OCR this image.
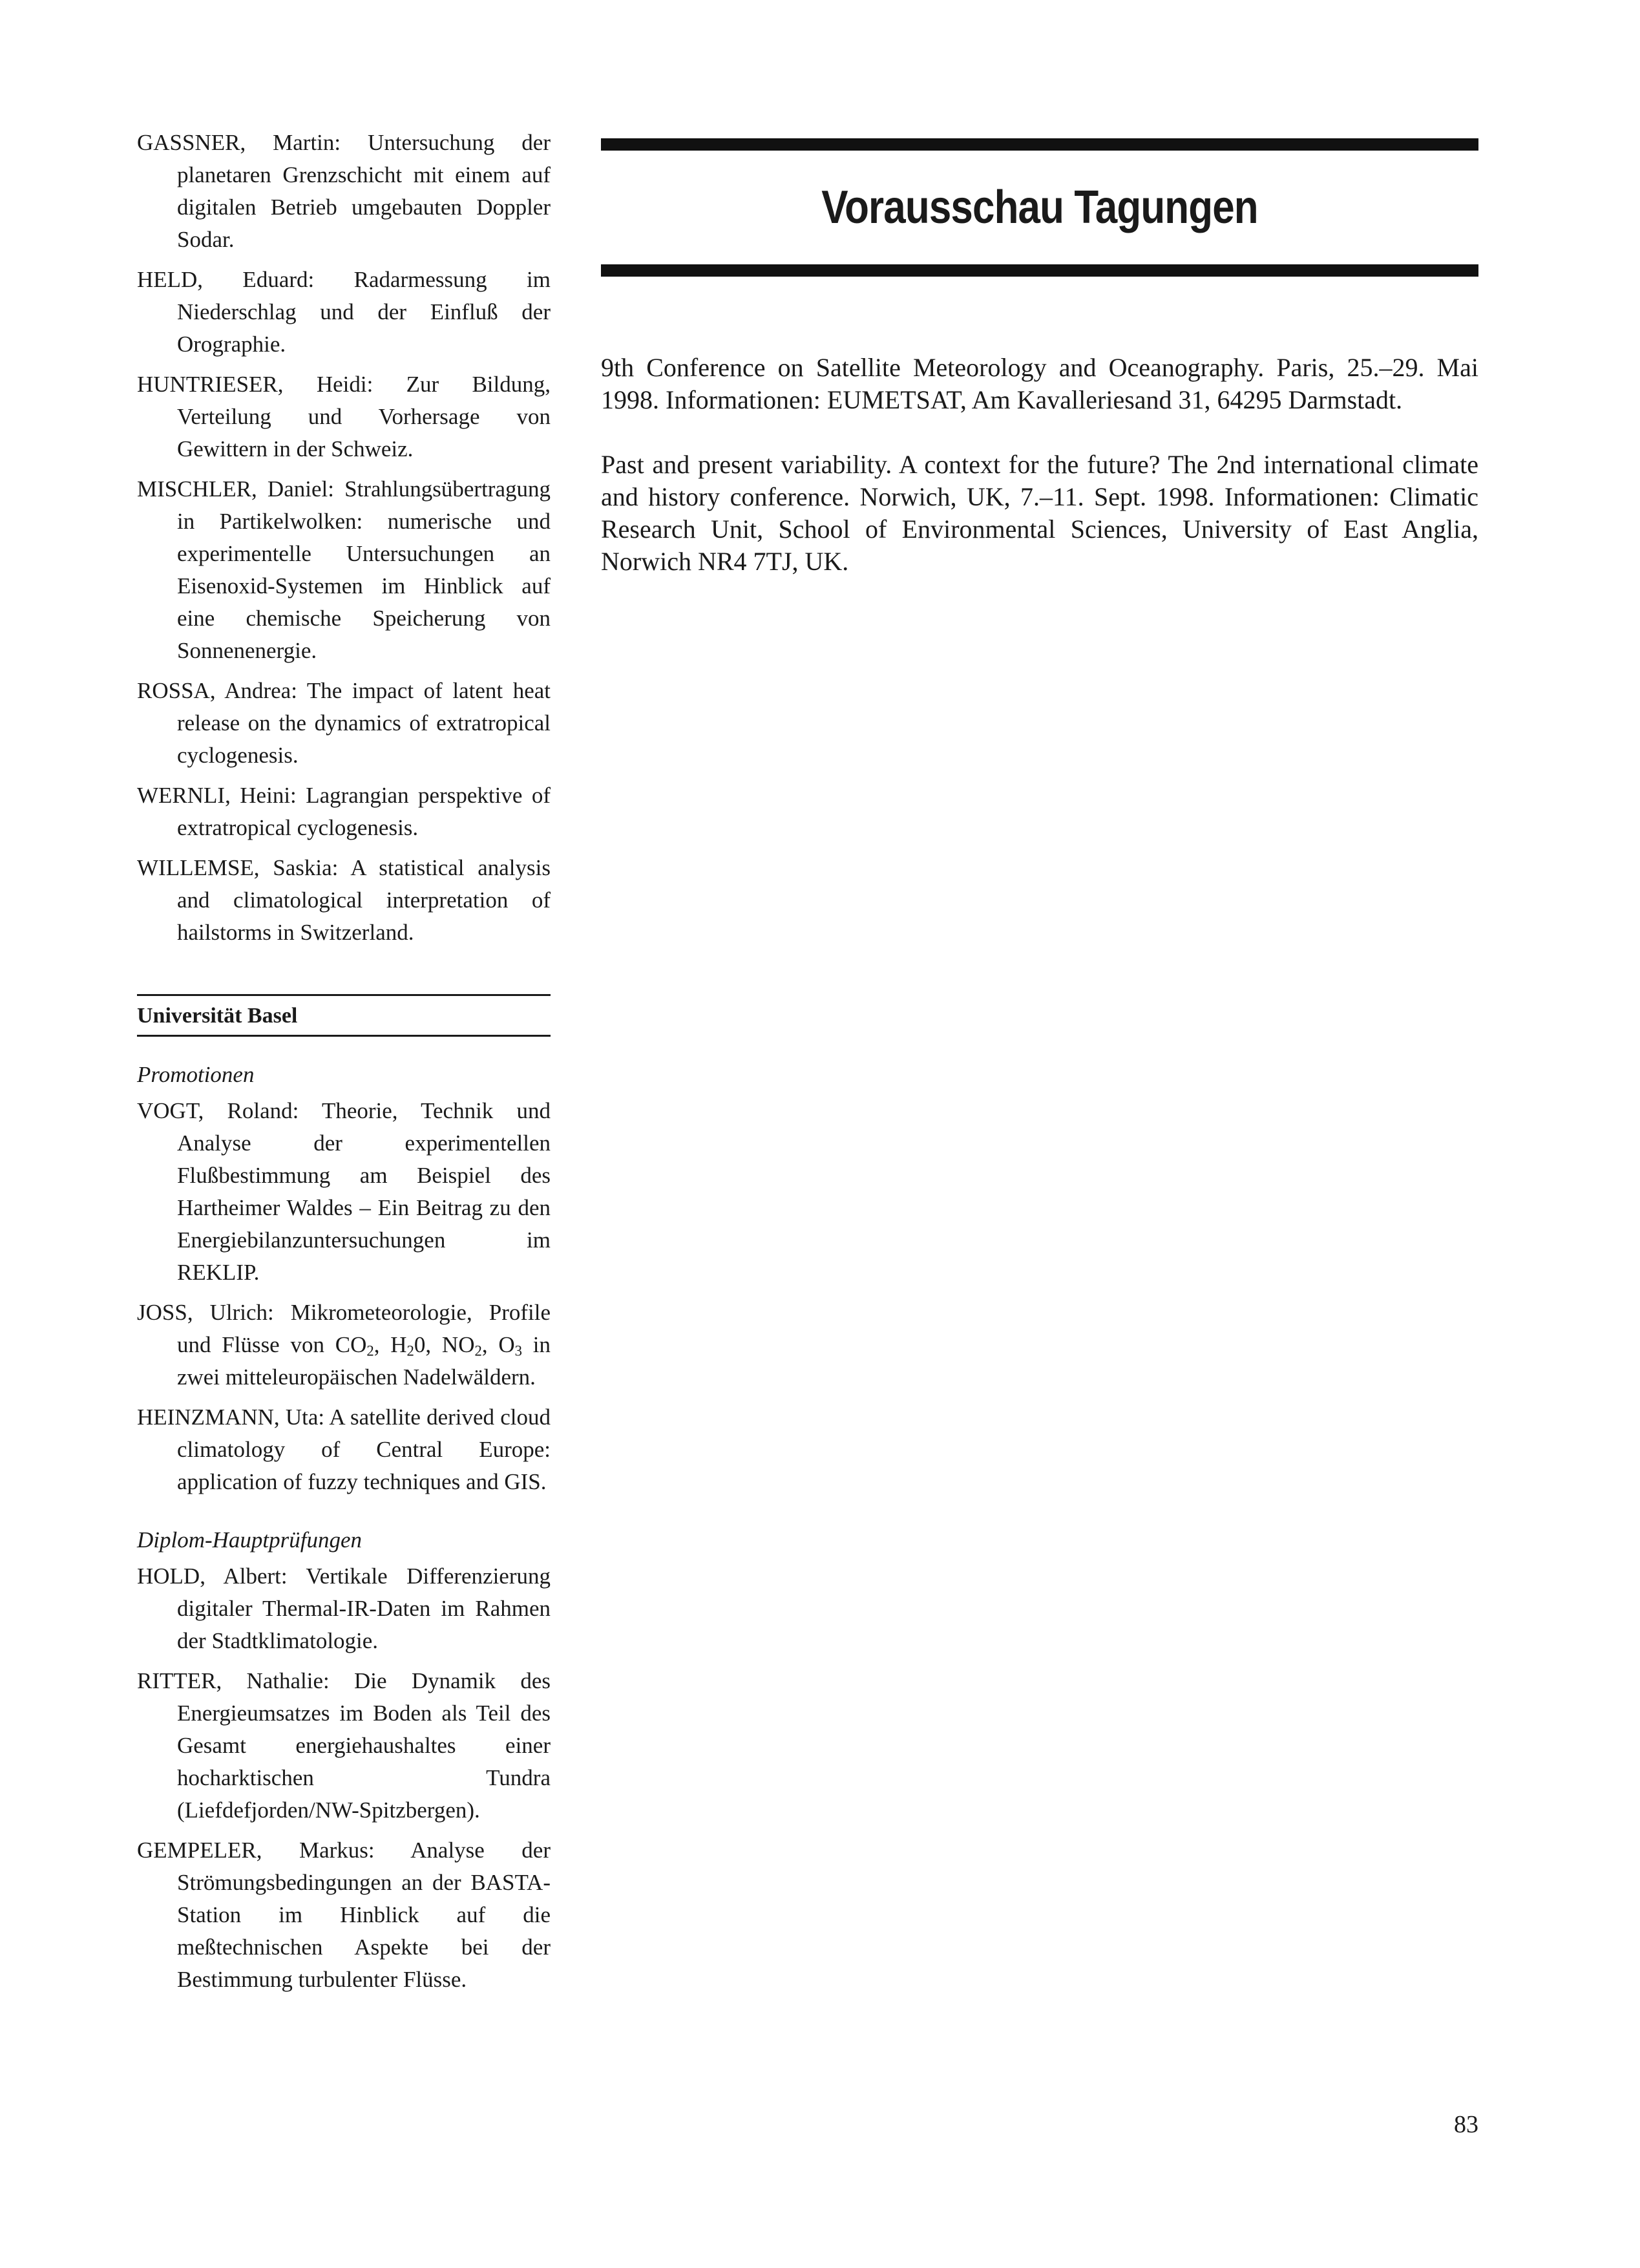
GASSNER, Martin: Untersuchung der planetaren Grenzschicht mit einem auf digitalen Betrieb umgebauten Doppler Sodar.

HELD, Eduard: Radarmessung im Niederschlag und der Einfluß der Orographie.

HUNTRIESER, Heidi: Zur Bildung, Verteilung und Vorhersage von Gewittern in der Schweiz.

MISCHLER, Daniel: Strahlungsübertragung in Partikelwolken: numerische und experimentelle Untersuchungen an Eisenoxid-Systemen im Hinblick auf eine chemische Speicherung von Sonnenenergie.

ROSSA, Andrea: The impact of latent heat release on the dynamics of extratropical cyclogenesis.

WERNLI, Heini: Lagrangian perspektive of extratropical cyclogenesis.

WILLEMSE, Saskia: A statistical analysis and climatological interpretation of hailstorms in Switzerland.

Universität Basel

Promotionen

VOGT, Roland: Theorie, Technik und Analyse der experimentellen Flußbestimmung am Beispiel des Hartheimer Waldes – Ein Beitrag zu den Energiebilanzuntersuchungen im REKLIP.

JOSS, Ulrich: Mikrometeorologie, Profile und Flüsse von $CO_2$, $H_20$, $NO_2$, $O_3$ in zwei mitteleuropäischen Nadelwäldern.

HEINZMANN, Uta: A satellite derived cloud climatology of Central Europe: application of fuzzy techniques and GIS.

Diplom-Hauptprüfungen

HOLD, Albert: Vertikale Differenzierung digitaler Thermal-IR-Daten im Rahmen der Stadtklimatologie.

RITTER, Nathalie: Die Dynamik des Energieumsatzes im Boden als Teil des Gesamt energiehaushaltes einer hocharktischen Tundra (Liefdefjorden/NW-Spitzbergen).

GEMPELER, Markus: Analyse der Strömungsbedingungen an der BASTA-Station im Hinblick auf die meßtechnischen Aspekte bei der Bestimmung turbulenter Flüsse.

Vorausschau Tagungen

9th Conference on Satellite Meteorology and Oceanography. Paris, 25.–29. Mai 1998. Informationen: EUMETSAT, Am Kavalleriesand 31, 64295 Darmstadt.

Past and present variability. A context for the future? The 2nd international climate and history conference. Norwich, UK, 7.–11. Sept. 1998. Informationen: Climatic Research Unit, School of Environmental Sciences, University of East Anglia, Norwich NR4 7TJ, UK.

83
